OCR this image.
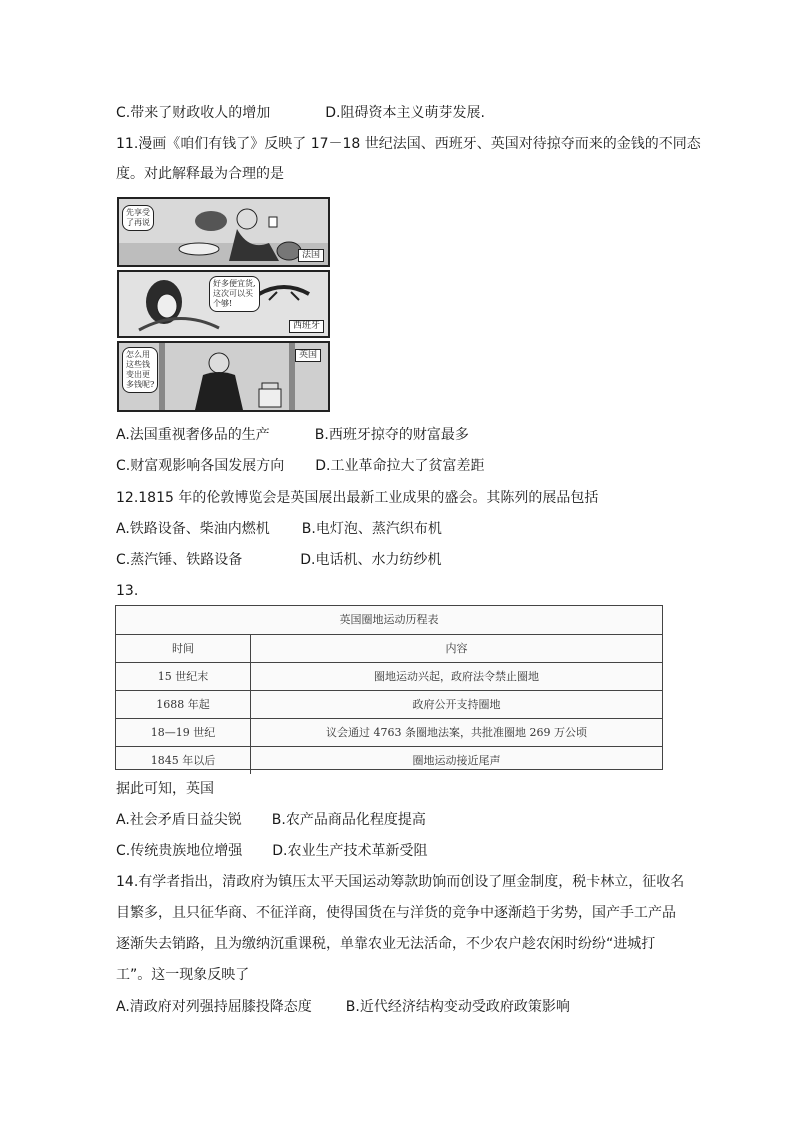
C.带来了财政收人的增加	D.阻碍资本主义萌芽发展.
11.漫画《咱们有钱了》反映了 17－18 世纪法国、西班牙、英国对待掠夺而来的金钱的不同态
度。对此解释最为合理的是
先享受
了再说
法国
好多便宜货,
这次可以买
个够!
西班牙
怎么用
这些钱
变出更
多钱呢?
英国
A.法国重视奢侈品的生产	B.西班牙掠夺的财富最多
C.财富观影响各国发展方向 D.工业革命拉大了贫富差距
12.1815 年的伦敦博览会是英国展出最新工业成果的盛会。其陈列的展品包括
A.铁路设备、柴油内燃机 B.电灯泡、蒸汽织布机
C.蒸汽锤、铁路设备	D.电话机、水力纺纱机
13.
英国圈地运动历程表
时间	内容
15 世纪末	圈地运动兴起，政府法令禁止圈地
1688 年起	政府公开支持圈地
18—19 世纪	议会通过 4763 条圈地法案，共批准圈地 269 万公顷
1845 年以后	圈地运动接近尾声
据此可知，英国
A.社会矛盾日益尖锐 B.农产品商品化程度提高
C.传统贵族地位增强 D.农业生产技术革新受阻
14.有学者指出，清政府为镇压太平天国运动筹款助饷而创设了厘金制度，税卡林立，征收名
目繁多，且只征华商、不征洋商，使得国货在与洋货的竞争中逐渐趋于劣势，国产手工产品
逐渐失去销路，且为缴纳沉重课税，单靠农业无法活命，不少农户趁农闲时纷纷“进城打
工”。这一现象反映了
A.清政府对列强持屈膝投降态度 B.近代经济结构变动受政府政策影响
